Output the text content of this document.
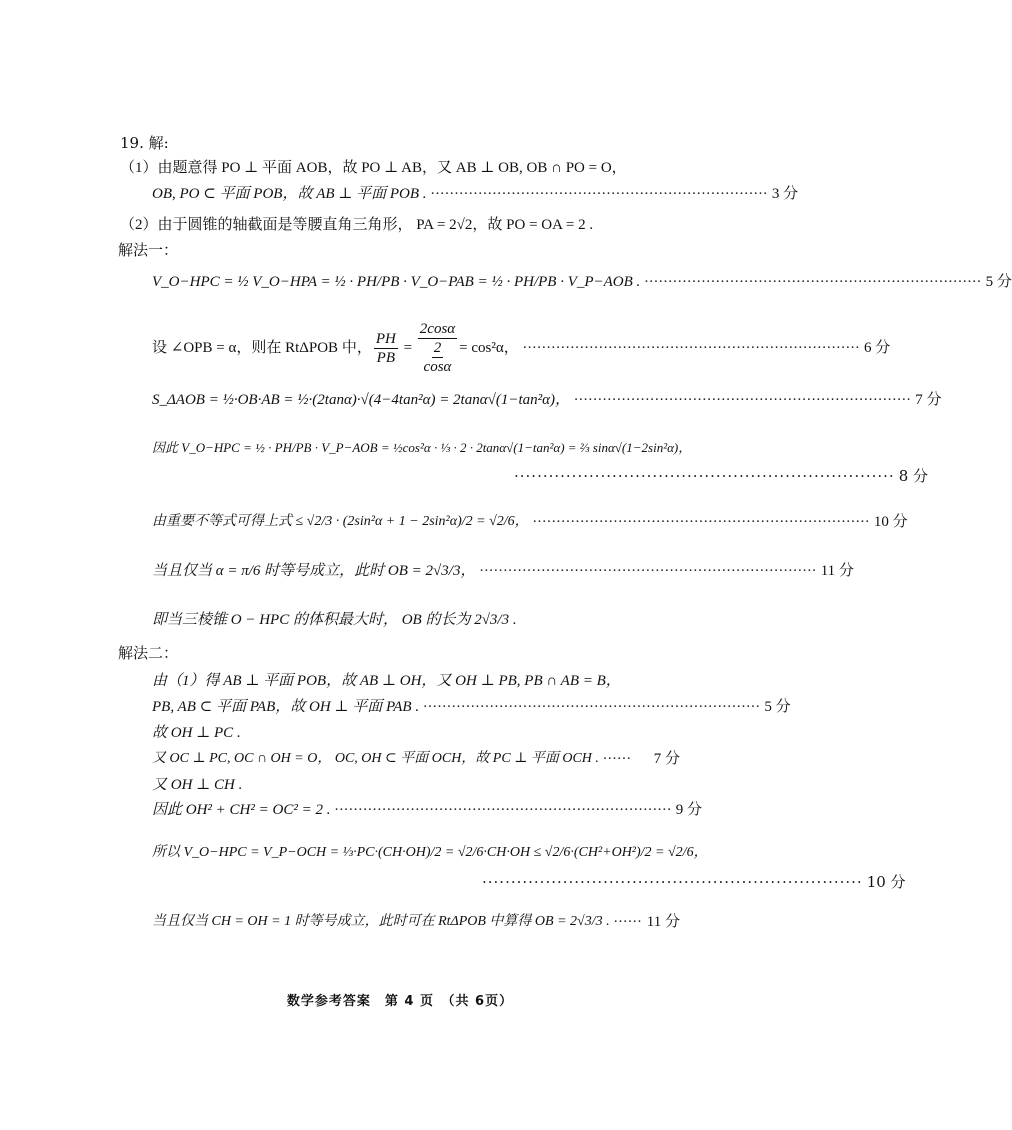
19. 解:
（1）由题意得 PO ⊥ 平面 AOB，故 PO ⊥ AB，又 AB ⊥ OB, OB ∩ PO = O，
OB, PO ⊂ 平面 POB，故 AB ⊥ 平面 POB . ······································································· 3 分
（2）由于圆锥的轴截面是等腰直角三角形， PA = 2√2，故 PO = OA = 2 .
解法一：
V_O−HPC = ½ V_O−HPA = ½ · PH/PB · V_O−PAB = ½ · PH/PB · V_P−AOB . ······································································· 5 分
设 ∠OPB = α，则在 RtΔPOB 中， $\frac{PH}{PB} = \frac{2\cos\alpha}{\frac{2}{\cos\alpha}} = \cos^2\alpha$， ······································································· 6 分
S_ΔAOB = ½·OB·AB = ½·(2tanα)·√(4−4tan²α) = 2tanα√(1−tan²α)， ······································································· 7 分
因此 V_O−HPC = ½ · PH/PB · V_P−AOB = ½cos²α · ⅓ · 2 · 2tanα√(1−tan²α) = ⅔ sinα√(1−2sin²α)，
·································································· 8 分
由重要不等式可得上式 ≤ √2/3 · (2sin²α + 1 − 2sin²α)/2 = √2/6， ······································································· 10 分
当且仅当 α = π/6 时等号成立，此时 OB = 2√3/3， ······································································· 11 分
即当三棱锥 O − HPC 的体积最大时， OB 的长为 2√3/3 .
解法二：
由（1）得 AB ⊥ 平面 POB，故 AB ⊥ OH，又 OH ⊥ PB, PB ∩ AB = B，
PB, AB ⊂ 平面 PAB，故 OH ⊥ 平面 PAB . ······································································· 5 分
故 OH ⊥ PC .
又 OC ⊥ PC, OC ∩ OH = O， OC, OH ⊂ 平面 OCH，故 PC ⊥ 平面 OCH . ······	7 分
又 OH ⊥ CH .
因此 OH² + CH² = OC² = 2 . ······································································· 9 分
所以 V_O−HPC = V_P−OCH = ⅓·PC·(CH·OH)/2 = √2/6·CH·OH ≤ √2/6·(CH²+OH²)/2 = √2/6，
·································································· 10 分
当且仅当 CH = OH = 1 时等号成立，此时可在 RtΔPOB 中算得 OB = 2√3/3 . ······ 11 分
数学参考答案　第 4 页　（共 6页）
